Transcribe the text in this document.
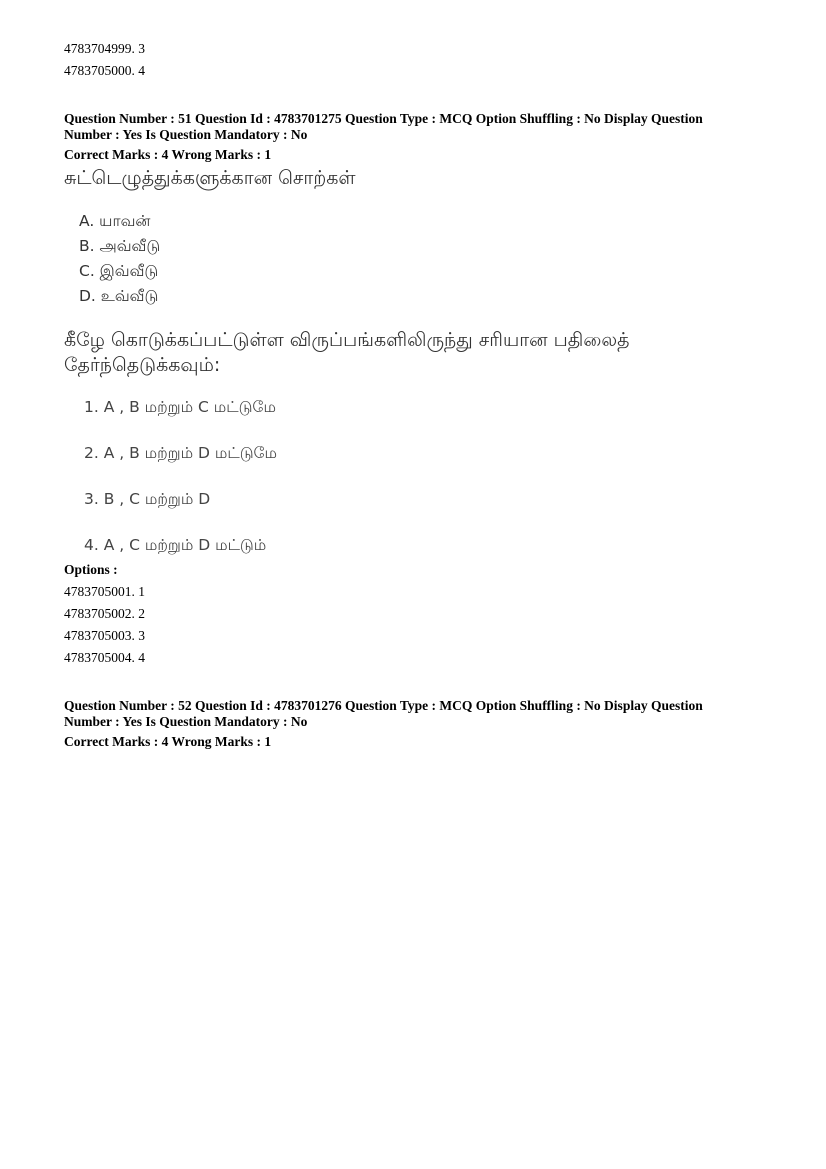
4783704999. 3
4783705000. 4
Question Number : 51 Question Id : 4783701275 Question Type : MCQ Option Shuffling : No Display Question
Number : Yes Is Question Mandatory : No
Correct Marks : 4 Wrong Marks : 1
சுட்டெழுத்துக்களுக்கான சொற்கள்
A. யாவன்
B. அவ்வீடு
C. இவ்வீடு
D. உவ்வீடு
கீழே கொடுக்கப்பட்டுள்ள விருப்பங்களிலிருந்து சரியான பதிலைத்
தேர்ந்தெடுக்கவும்:
1. A , B மற்றும் C மட்டுமே
2. A , B மற்றும் D மட்டுமே
3. B , C மற்றும் D
4. A , C மற்றும் D மட்டும்
Options :
4783705001. 1
4783705002. 2
4783705003. 3
4783705004. 4
Question Number : 52 Question Id : 4783701276 Question Type : MCQ Option Shuffling : No Display Question
Number : Yes Is Question Mandatory : No
Correct Marks : 4 Wrong Marks : 1
